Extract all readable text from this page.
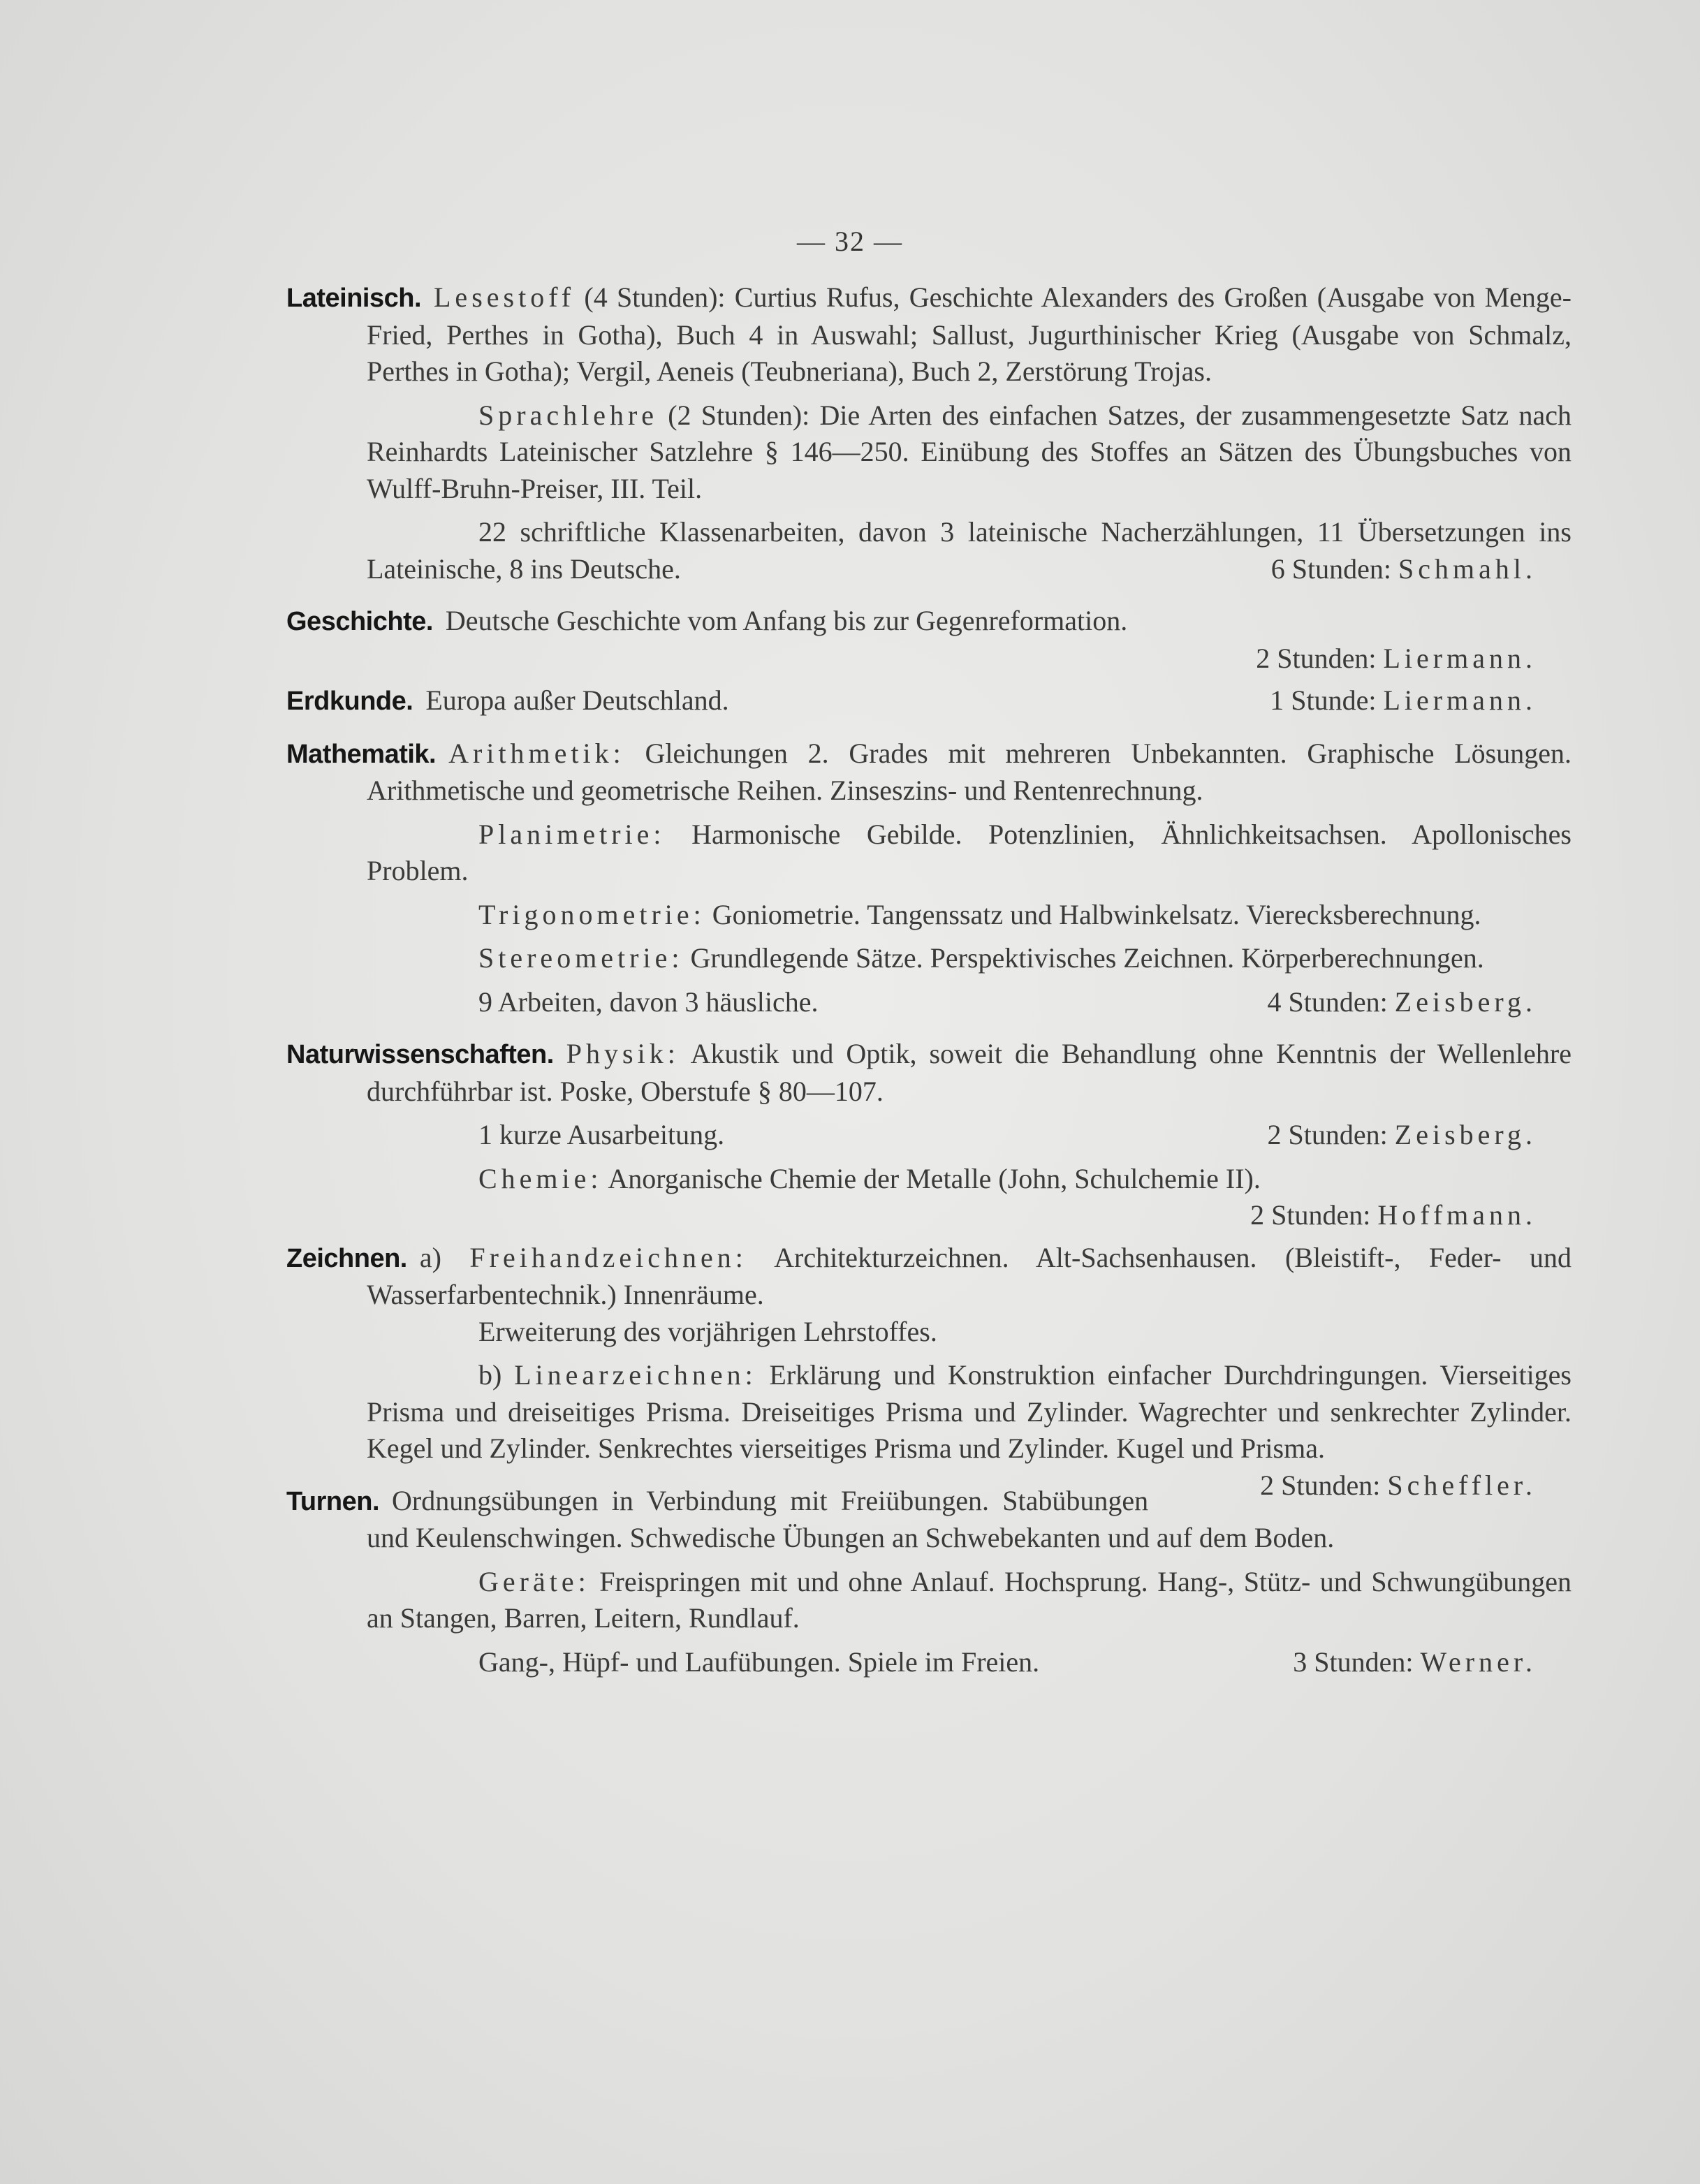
— 32 —

Lateinisch. Lesestoff (4 Stunden): Curtius Rufus, Geschichte Alexanders des Großen (Ausgabe von Menge-Fried, Perthes in Gotha), Buch 4 in Auswahl; Sallust, Jugurthinischer Krieg (Ausgabe von Schmalz, Perthes in Gotha); Vergil, Aeneis (Teubneriana), Buch 2, Zerstörung Trojas.

Sprachlehre (2 Stunden): Die Arten des einfachen Satzes, der zusammengesetzte Satz nach Reinhardts Lateinischer Satzlehre § 146—250. Einübung des Stoffes an Sätzen des Übungsbuches von Wulff-Bruhn-Preiser, III. Teil.

22 schriftliche Klassenarbeiten, davon 3 lateinische Nacherzählungen, 11 Übersetzungen ins Lateinische, 8 ins Deutsche.	6 Stunden: Schmahl.

Geschichte. Deutsche Geschichte vom Anfang bis zur Gegenreformation.

2 Stunden: Liermann.

Erdkunde. Europa außer Deutschland.	1 Stunde: Liermann.

Mathematik. Arithmetik: Gleichungen 2. Grades mit mehreren Unbekannten. Graphische Lösungen. Arithmetische und geometrische Reihen. Zinseszins- und Rentenrechnung.

Planimetrie: Harmonische Gebilde. Potenzlinien, Ähnlichkeitsachsen. Apollonisches Problem.

Trigonometrie: Goniometrie. Tangenssatz und Halbwinkelsatz. Vierecksberechnung.

Stereometrie: Grundlegende Sätze. Perspektivisches Zeichnen. Körperberechnungen.

9 Arbeiten, davon 3 häusliche.	4 Stunden: Zeisberg.

Naturwissenschaften. Physik: Akustik und Optik, soweit die Behandlung ohne Kenntnis der Wellenlehre durchführbar ist. Poske, Oberstufe § 80—107.

1 kurze Ausarbeitung.	2 Stunden: Zeisberg.

Chemie: Anorganische Chemie der Metalle (John, Schulchemie II).

2 Stunden: Hoffmann.

Zeichnen. a) Freihandzeichnen: Architekturzeichnen. Alt-Sachsenhausen. (Bleistift-, Feder- und Wasserfarbentechnik.) Innenräume.

Erweiterung des vorjährigen Lehrstoffes.

b) Linearzeichnen: Erklärung und Konstruktion einfacher Durchdringungen. Vierseitiges Prisma und dreiseitiges Prisma. Dreiseitiges Prisma und Zylinder. Wagrechter und senkrechter Zylinder. Kegel und Zylinder. Senkrechtes vierseitiges Prisma und Zylinder. Kugel und Prisma.
2 Stunden: Scheffler.

Turnen. Ordnungsübungen in Verbindung mit Freiübungen. Stabübungen und Keulenschwingen. Schwedische Übungen an Schwebekanten und auf dem Boden.

Geräte: Freispringen mit und ohne Anlauf. Hochsprung. Hang-, Stütz- und Schwungübungen an Stangen, Barren, Leitern, Rundlauf.

Gang-, Hüpf- und Laufübungen. Spiele im Freien.	3 Stunden: Werner.
